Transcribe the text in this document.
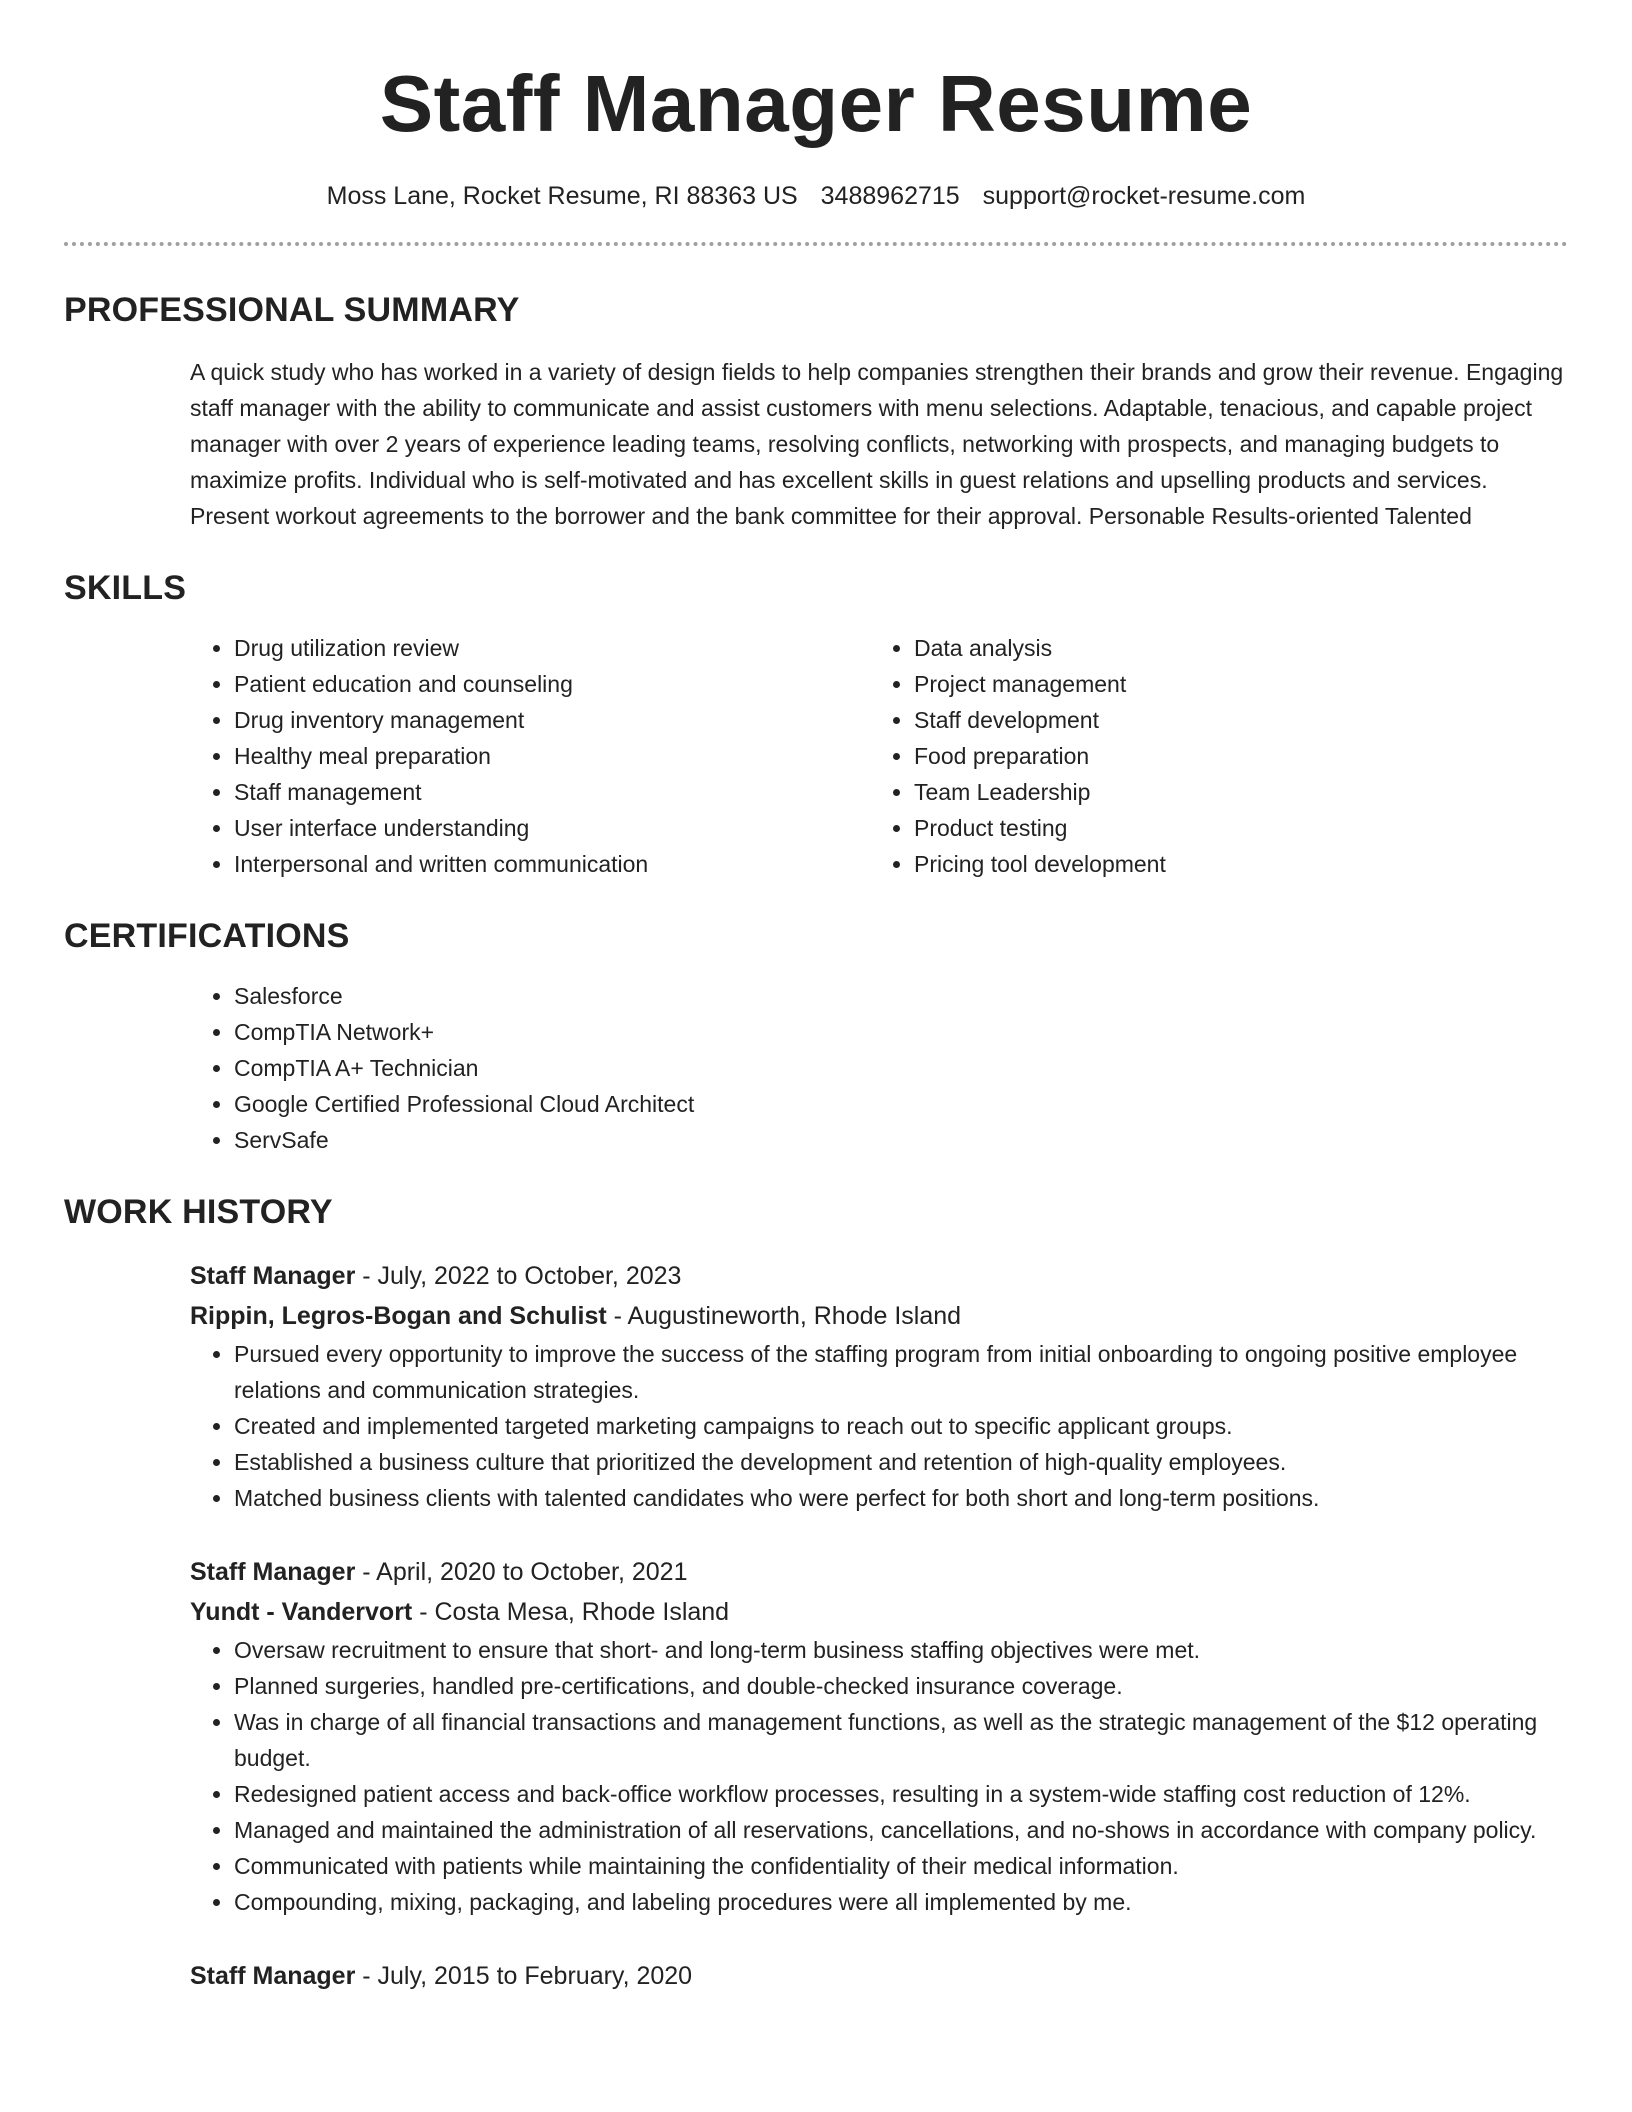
Staff Manager Resume
Moss Lane, Rocket Resume, RI 88363 US 3488962715 support@rocket-resume.com
PROFESSIONAL SUMMARY
A quick study who has worked in a variety of design fields to help companies strengthen their brands and grow their revenue. Engaging staff manager with the ability to communicate and assist customers with menu selections. Adaptable, tenacious, and capable project manager with over 2 years of experience leading teams, resolving conflicts, networking with prospects, and managing budgets to maximize profits. Individual who is self-motivated and has excellent skills in guest relations and upselling products and services. Present workout agreements to the borrower and the bank committee for their approval. Personable Results-oriented Talented
SKILLS
• Drug utilization review
• Patient education and counseling
• Drug inventory management
• Healthy meal preparation
• Staff management
• User interface understanding
• Interpersonal and written communication
• Data analysis
• Project management
• Staff development
• Food preparation
• Team Leadership
• Product testing
• Pricing tool development
CERTIFICATIONS
• Salesforce
• CompTIA Network+
• CompTIA A+ Technician
• Google Certified Professional Cloud Architect
• ServSafe
WORK HISTORY
Staff Manager - July, 2022 to October, 2023
Rippin, Legros-Bogan and Schulist - Augustineworth, Rhode Island
• Pursued every opportunity to improve the success of the staffing program from initial onboarding to ongoing positive employee relations and communication strategies.
• Created and implemented targeted marketing campaigns to reach out to specific applicant groups.
• Established a business culture that prioritized the development and retention of high-quality employees.
• Matched business clients with talented candidates who were perfect for both short and long-term positions.
Staff Manager - April, 2020 to October, 2021
Yundt - Vandervort - Costa Mesa, Rhode Island
• Oversaw recruitment to ensure that short- and long-term business staffing objectives were met.
• Planned surgeries, handled pre-certifications, and double-checked insurance coverage.
• Was in charge of all financial transactions and management functions, as well as the strategic management of the $12 operating budget.
• Redesigned patient access and back-office workflow processes, resulting in a system-wide staffing cost reduction of 12%.
• Managed and maintained the administration of all reservations, cancellations, and no-shows in accordance with company policy.
• Communicated with patients while maintaining the confidentiality of their medical information.
• Compounding, mixing, packaging, and labeling procedures were all implemented by me.
Staff Manager - July, 2015 to February, 2020
